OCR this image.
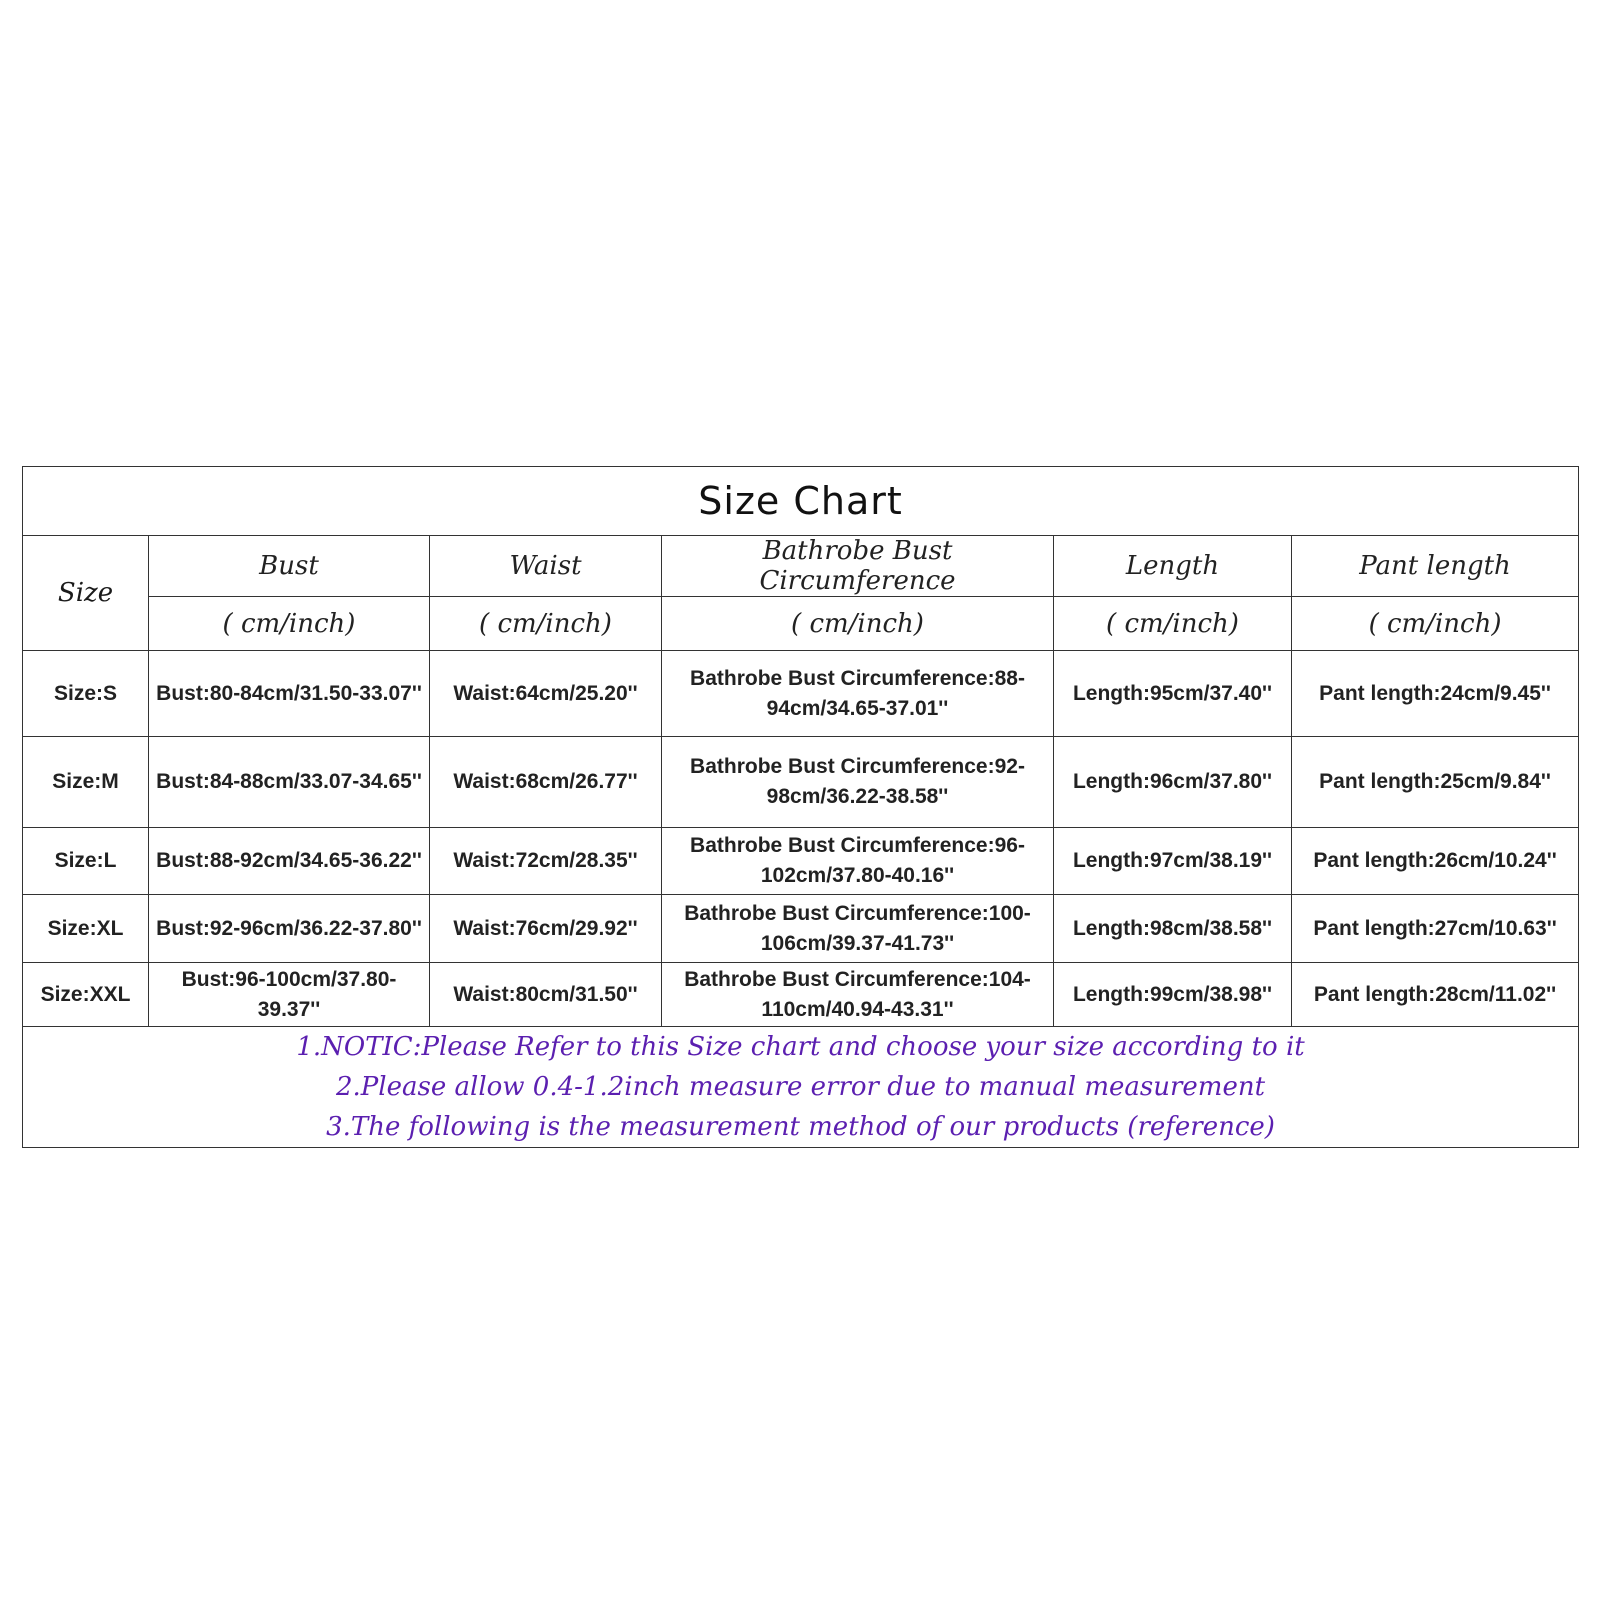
Size Chart					
Size	Bust	Waist	Bathrobe Bust Circumference	Length	Pant length
	( cm/inch)	( cm/inch)	( cm/inch)	( cm/inch)	( cm/inch)
Size:S	Bust:80-84cm/31.50-33.07''	Waist:64cm/25.20''	Bathrobe Bust Circumference:88-94cm/34.65-37.01''	Length:95cm/37.40''	Pant length:24cm/9.45''
Size:M	Bust:84-88cm/33.07-34.65''	Waist:68cm/26.77''	Bathrobe Bust Circumference:92-98cm/36.22-38.58''	Length:96cm/37.80''	Pant length:25cm/9.84''
Size:L	Bust:88-92cm/34.65-36.22''	Waist:72cm/28.35''	Bathrobe Bust Circumference:96-102cm/37.80-40.16''	Length:97cm/38.19''	Pant length:26cm/10.24''
Size:XL	Bust:92-96cm/36.22-37.80''	Waist:76cm/29.92''	Bathrobe Bust Circumference:100-106cm/39.37-41.73''	Length:98cm/38.58''	Pant length:27cm/10.63''
Size:XXL	Bust:96-100cm/37.80-39.37''	Waist:80cm/31.50''	Bathrobe Bust Circumference:104-110cm/40.94-43.31''	Length:99cm/38.98''	Pant length:28cm/11.02''

1.NOTIC:Please Refer to this Size chart and choose your size according to it
2.Please allow 0.4-1.2inch measure error due to manual measurement
3.The following is the measurement method of our products (reference)					
